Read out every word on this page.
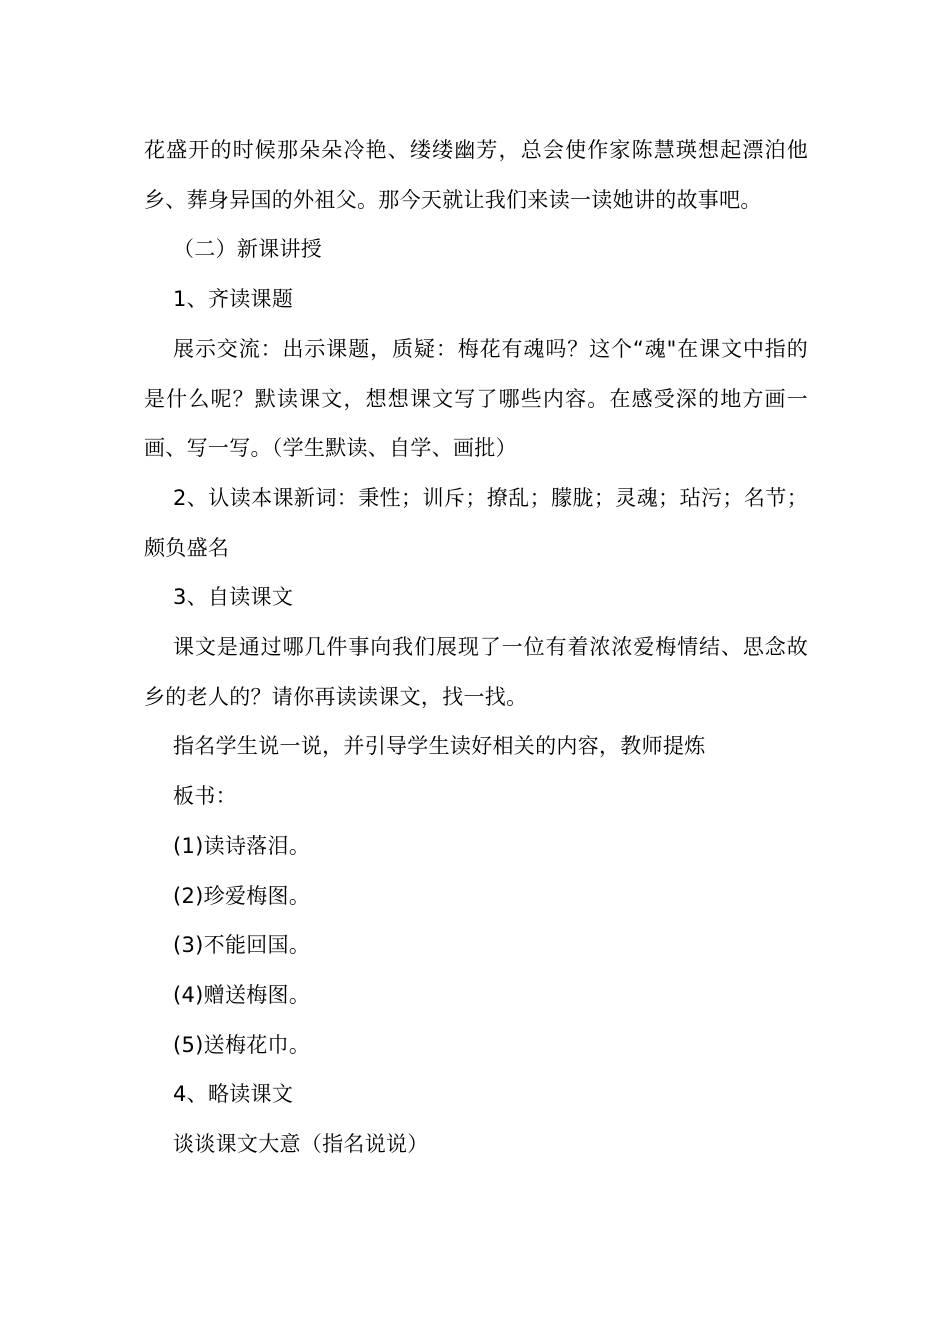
花盛开的时候那朵朵冷艳、缕缕幽芳，总会使作家陈慧瑛想起漂泊他乡、葬身异国的外祖父。那今天就让我们来读一读她讲的故事吧。

（二）新课讲授

1、齐读课题

展示交流：出示课题，质疑：梅花有魂吗？这个“魂"在课文中指的是什么呢？默读课文，想想课文写了哪些内容。在感受深的地方画一画、写一写。（学生默读、自学、画批）

2、认读本课新词：秉性；训斥；撩乱；朦胧；灵魂；玷污；名节；颇负盛名

3、自读课文

课文是通过哪几件事向我们展现了一位有着浓浓爱梅情结、思念故乡的老人的？请你再读读课文，找一找。

指名学生说一说，并引导学生读好相关的内容，教师提炼

板书：

(1)读诗落泪。

(2)珍爱梅图。

(3)不能回国。

(4)赠送梅图。

(5)送梅花巾。

4、略读课文

谈谈课文大意（指名说说）
